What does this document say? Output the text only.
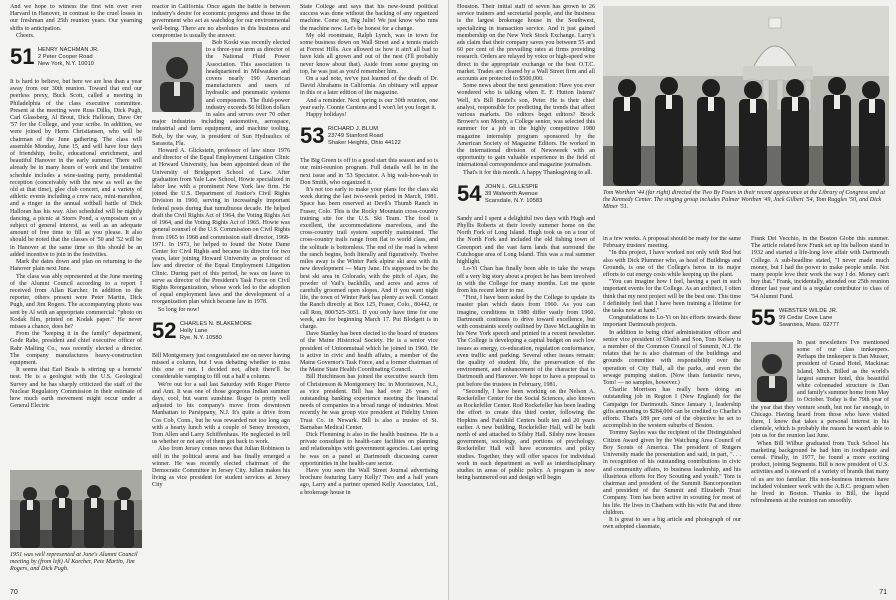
And we hope to witness the first win over ever Harvard in Hanover, in contrast to the cruel losses in our freshman and 25th reunion years. Our yearning shifts to anticipation.

Cheers.

51 HENRY NACHMAN JR.
2 Peter Cooper Road
New York, N.Y. 10010

It is hard to believe, but here we are less than a year away from our 30th reunion. Toward that end our peerless prexy, Buck Scott, called a meeting in Philadelphia of the class executive committee. Present at the meeting were Russ Dilks, Dick Pugh, Carl Glassberg, Al Brout, Dick Halloran, Dave Orr '57 for the College, and your scribe. In addition, we were joined by Herm Christiansen, who will be chairman of the June gathering. The class will assemble Monday, June 15, and will have four days of friendship, frolic, educational enrichment, and beautiful Hanover in the early summer. There will already be in many hours of work and the tentative schedule includes a wine-tasting party, presidential reception (conceivably with the new as well as the old at that time), glee club concert, and a variety of athletic events including a crew race, mini-marathon, and a ringer in the annual softball battle of Dick Halloran has his way. Also scheduled will be nightly dancing, a picnic at Storrs Pond, a symposium on a subject of general interest, as well as an adequate amount of free time to fill as you please. It also should be noted that the classes of '50 and '52 will be in Hanover at the same time so this should be an added incentive to join in the festivities.

Mark the dates down and plan on returning to the Hanover plain next June.

The class was ably represented at the June meeting of the Alumni Council according to a report I received from Allan Karcher. In addition to the reporter, others present were Peter Martin, Dick Pugh, and Jim Rogers. The accompanying photo was sent by Al with an appropriate commercial: "photo on Kodak film, printed on Kodak paper." He never misses a chance, does he?

From the "keeping it in the family" department, Gode Rahe, president and chief executive officer of Rahr Malting Co., was recently elected a director. The company manufactures heavy-construction equipment.

It seems that Earl Beals is stirring up a hornets' nest. He is a geologist with the U.S. Geological Survey and he has sharply criticized the staff of the Nuclear Regulatory Commission in their estimate of how much earth movement might occur under a General Electric

1951 was well represented at June's Alumni Council meeting by (from left) Al Karcher, Pete Martin, Jim Rogers, and Dick Pugh.

reactor in California. Once again the battle is between industry's desire for economic progress and those in the government who act as watchdog for our environmental well-being. There are no absolutes in this business and compromise is usually the answer.

Bob Koski was recently elected to a three-year term as director of the National Fluid Power Association. This association is headquartered in Milwaukee and covers nearly 190 American manufacturers and users of hydraulic and pneumatic systems and components. The fluid-power industry exceeds $6 billion dollars in sales and serves over 70 other major industries including automotive, aerospace, industrial and farm equipment, and machine tooling. Bob, by the way, is president of Sun Hydraulics of Sarasota, Fla.

Howard A. Glickstein, professor of law since 1976 and director of the Equal Employment Litigation Clinic at Howard University, has been appointed dean of the University of Bridgeport School of Law. After graduation from Yale Law School, Howie specialized in labor law with a prominent New York law firm. He joined the U.S. Department of Justice's Civil Rights Division in 1960, serving in increasingly important federal posts during that tumultuous decade. He helped draft the Civil Rights Act of 1964, the Voting Rights Act of 1964, and the Voting Rights Act of 1965. Howie was general counsel of the U.S. Commission on Civil Rights from 1965 to 1968 and commission staff director, 1968-1971. In 1973, he helped to found the Notre Dame Center for Civil Rights and became its director for two years, later joining Howard University as professor of law and director of the Equal Employment Litigation Clinic. During part of this period, he was on leave to serve as director of the President's Task Force on Civil Rights Reorganization, whose work led to the adoption of equal employment laws and the development of a reorganization plan which became law in 1978.

So long for now!

52 CHARLES N. BLAKEMORE
Holly Lane
Rye, N.Y. 10580

Bill Montgomery just congratulated me on never having missed a column, but I was debating whether to miss this one or not. I decided not, albeit there'll be considerable vamping to fill out a half a column.

We're out for a sail last Saturday with Roger Pierce and Ann. It was one of those gorgeous Indian summer days, cool, but warm sunshine. Roger is pretty well adjusted to his company's move from downtown Manhattan to Parsippany, N.J. It's quite a drive from Cos Cob, Conn., but he was rewarded not too long ago with a hearty lunch with a couple of Seney investors, Tom Allen and Larry Schiffenhaus. He neglected to tell us whether or not any of them got back to work.

Also from Jersey comes news that Julian Robinson is still in the political arena and has finally emerged a winner. He was recently elected chairman of the Democratic Committee in Jersey City. Julian makes his living as vice president for student services at Jersey City

State College and says that his new-found political success was done without the backing of any organized machine. Come on, Big Julie! We just know who runs the machine now. Let's be honest for a change.

My old roommate, Ralph Lynch, was in town for some business down on Wall Street and a tennis match at Forrest Hills. Ace allowed us how it ain't all bad to have kids all grown and out of the nest (I'll probably never know about that). Aside from some graying on top, he was just as you'd remember him.

On a sad note, we've just learned of the death of Dr. David Abrahams in California. An obituary will appear in this or a later edition of the magazine.

And a reminder. Next spring is our 30th reunion, one year early. Connie Carstens and I won't let you forget it.

Happy holidays!

53 RICHARD J. BLUM
23749 Stanford Road
Shaker Heights, Ohio 44122

The Big Green is off to a good start this season and so is our mini-reunion program. Full details will be in the next issue and in '53 Spectator. A big wah-hoo-wah to Don Smith, who organized it.

It's not too early to make your plans for the class ski week during the last two-week period in March, 1981. Space has been reserved at Devil's Thumb Ranch in Fraser, Colo. This is the Rocky Mountain cross-country training site for the U.S. Ski Team. The food is excellent, the accommodations marvelous, and the cross-country trail system superbly maintained. The cross-country trails range from flat to world class, and the solitude is bottomless. The end of the road is where the ranch begins, both literally and figuratively. Twelve miles away is the Winter Park alpine ski area with its new development — Mary Jane. It's supposed to be the best ski area in Colorado, with the pitch of Ajax, the powder of Vail's backhills, and acres and acres of carefully groomed open slopes. And if you want night life, the town of Winter Park has plenty as well. Contact the Ranch directly at Box 125, Fraser, Colo., 80442, or call Ron, 800/525-3051. If you only have time for one week, aim for beginning March 17. Put Blodgett is in charge.

Dave Stanley has been elected to the board of trustees of the Maine Historical Society. He is a senior vice president of Unionmutual which he joined in 1960. He is active in civic and health affairs, a member of the Maine Governor's Task Force, and a former chairman of the Maine State Health Coordinating Council.

Bill Hutchinson has joined the executive search firm of Christenson & Montgomery Inc. in Morristown, N.J., as vice president. Bill has had over 26 years of outstanding banking experience meeting the financial needs of companies in a broad range of industries. Most recently he was group vice president at Fidelity Union Trust Co. in Newark. Bill is also a trustee of St. Barnabas Medical Center.

Dick Flemming is also in the health business. He is a private consultant to health-care facilities on planning and relationships with government agencies. Last spring he was on a panel at Dartmouth discussing career opportunities in the health-care sector.

Have you seen the Wall Street Journal advertising brochure featuring Larry Kelly? Two and a half years ago, Larry and a partner opened Kelly Associates, Ltd., a brokerage house in

70

Houston. Their initial staff of seven has grown to 26 service trainers and secretarial people, and the business is the largest brokerage house in the Southwest, specializing in transaction service. And it just gained membership on the New York Stock Exchange. Larry's ads claim that their company saves you between 55 and 60 per cent of the prevailing rates at firms providing research. Orders are relayed by voice or high-speed wire direct to the appropriate exchange or the best O.T.C. market. Trades are cleared by a Wall Street firm and all accounts are protected to $500,000.

Some news about the next generation: Have you ever wondered who is talking when E. F. Hutton listens? Well, it's Bill Beutel's son, Peter. He is their chief analyst, responsible for predicting the trends that affect various markets. Do editors beget editors? Brock Brower's son Monty, a College senior, was selected this summer for a job in the highly competitive 1980 magazine internship program sponsored by the American Society of Magazine Editors. He worked in the international division of Newsweek with an opportunity to gain valuable experience in the field of international correspondence and magazine journalism.

That's it for this month. A happy Thanksgiving to all.

54 JOHN L. GILLESPIE
39 Walworth Avenue
Scarsdale, N.Y. 10583

Sandy and I spent a delightful two days with Hugh and Phyllis Roberts at their lovely summer home on the North Fork of Long Island. Hugh took us on a tour of the North Fork and included the old fishing town of Greenport and the vast farm lands that surround the Cutchogue area of Long Island. This was a real summer highlight.

Lo-Yi Chan has finally been able to take the wraps off a very big story about a project he has been involved in with the College for many months. Let me quote from his recent letter to me.

"First, I have been asked by the College to update its master plan which dates from 1960. As you can imagine, conditions in 1980 differ vastly from 1960. Dartmouth continues to drive toward excellence, but with constraints sorely outlined by Dave McLaughlin in his New York speech and printed in a recent newsletter. The College is developing a capital budget on such low issues as energy, co-education, regulation conformance, even traffic and parking. Several other issues remain: the quality of student life, the preservation of the environment, and enhancement of the character that is Dartmouth and Hanover. We hope to have a proposal to put before the trustees in February, 1981.

"Secondly, I have been working on the Nelson A. Rockefeller Center for the Social Sciences, also known as Rockefeller Center. Rod Rockefeller has been leading the effort to create this third center, following the Hopkins and Fairchild Centers built ten and 20 years earlier. A new building, Rockefeller Hall, will be built north of and attached to Silsby Hall. Silsby now houses government, sociology, and portions of psychology. Rockefeller Hall will have economics and policy studies. Together, they will offer spaces for individual work in each department as well as interdisciplinary studies in areas of public policy. A program is now being hammered out and design will begin

Tom Worthen '44 (far right) directed the Two By Fours in their recent appearance at the Library of Congress and at the Kennedy Center. The singing group includes Palmer Worthen '49, Jack Gilbert '54, Tom Ruggles '50, and Dick Miner '51.

in a few weeks. A proposal should be ready for the same February trustees' meeting.

"In this project, I have worked not only with Rod but also with Dick Plummer who, as head of Buildings and Grounds, is one of the College's heros in its major efforts to cut energy costs while keeping up the plant.

"You can imagine how I feel, having a part in such important events for the College. As an architect, I often think that my next project will be the best one. This time I definitely feel that I have been training a lifetime for the tasks now at hand."

Congratulations to Lo-Yi on his efforts towards these important Dartmouth projects.

In addition to being chief administration officer and senior vice president of Chubb and Son, Tom Kelsey is a member of the Common Council of Summit, N.J. He relates that he is also chairman of the buildings and grounds committee with responsibility over the operation of City Hall, all the parks, and even the sewage pumping station. (Now thats fantastic news, Tom! — no samples, however.)

Charlie Morrison has really been doing an outstanding job in Region I (New England) for the Campaign for Dartmouth. Since January 1, leadership gifts amounting to $284,000 can be credited to Charlie's efforts. That's 189 per cent of the objective he set to accomplish in the western suburbs of Boston.

Tommy Sayles was the recipient of the Distinguished Citizen Award given by the Watchung Area Council of Boy Scouts of America. The president of Rutgers University made the presentation and said, in part, ". . . in recognition of his outstanding contributions in civic and community affairs, to business leadership, and his illustrious efforts for Boy Scouting and youth." Tom is chairman and president of the Summit Bancorporation and president of the Summit and Elizabeth Trust Company. Tom has been active in scouting for most of his life. He lives in Chatham with his wife Pat and three children.

It is great to see a big article and photograph of our own adopted classmate,

Frank Del Vecchio, in the Boston Globe this summer. The article related how Frank set up his balloon stand in 1932 and started a life-long love affair with Dartmouth College. A sub-headline stated, "I never made much money, but I had the power to make people smile. Not many people love their work the way I do. Money can't buy that." Frank, incidentally, attended our 25th reunion dinner last year and is a regular contributor to class of '54 Alumni Fund.

55 WEBSTER WILDE JR.
99 Cedar Cove Lane
Swansea, Mass. 02777

In past newsletters I've mentioned some of our class innkeepers. Perhaps the innkeeper is Dan Musser, president of Grand Hotel, Mackinac Island, Mich. Billed as the world's largest summer hotel, this beautiful white colonnaded structure is Dan and family's summer home from May to October. Today is the 79th year of the year that they venture south, but not far enough, to Chicago. Having heard from those who have visited there, I know that takes a personal interest in his clientele, which is probably the reason he wasn't able to join us for the reunion last June.

When Bill Wilbur graduated from Tuck School his marketing background he had him in toothpaste and cereal. Finally, in 1977, he found a more exciting product, joining Segments. Bill is now president of U.S. activities and is steward of a variety of brands that many of us are too familiar. His non-business interests have included volunteer work with the A.B.C. program when he lived in Boston. Thanks to Bill, the liquid refreshments at the reunion ran smoothly.

71
